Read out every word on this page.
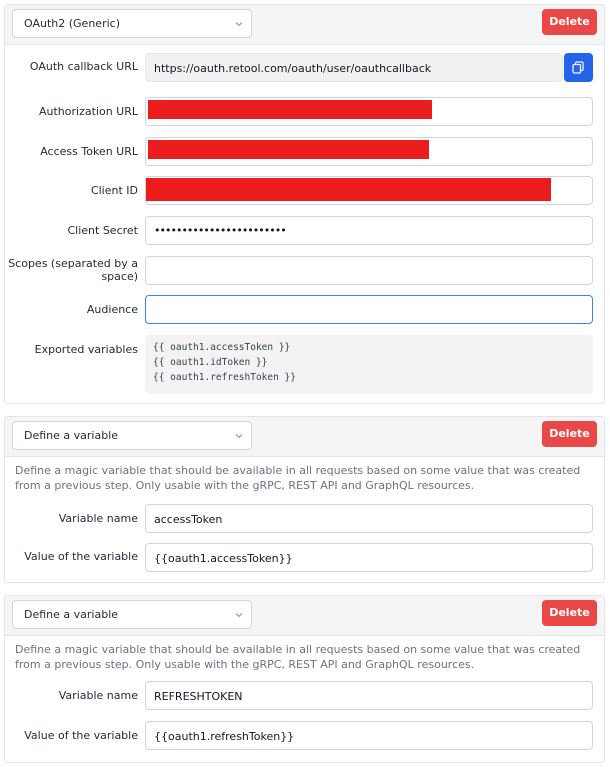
OAuth2 (Generic)	Delete
OAuth callback URL https://oauth.retool.com/oauth/user/oauthcallback
Authorization URL
Access Token URL
Client ID
Client Secret ••••••••••••••••••••••••
Scopes (separated by a space)
Audience
Exported variables {{ oauth1.accessToken }}
{{ oauth1.idToken }}
{{ oauth1.refreshToken }}
Define a variable	Delete
Define a magic variable that should be available in all requests based on some value that was created from a previous step. Only usable with the gRPC, REST API and GraphQL resources.
Variable name accessToken
Value of the variable {{oauth1.accessToken}}
Define a variable	Delete
Define a magic variable that should be available in all requests based on some value that was created from a previous step. Only usable with the gRPC, REST API and GraphQL resources.
Variable name REFRESHTOKEN
Value of the variable {{oauth1.refreshToken}}
